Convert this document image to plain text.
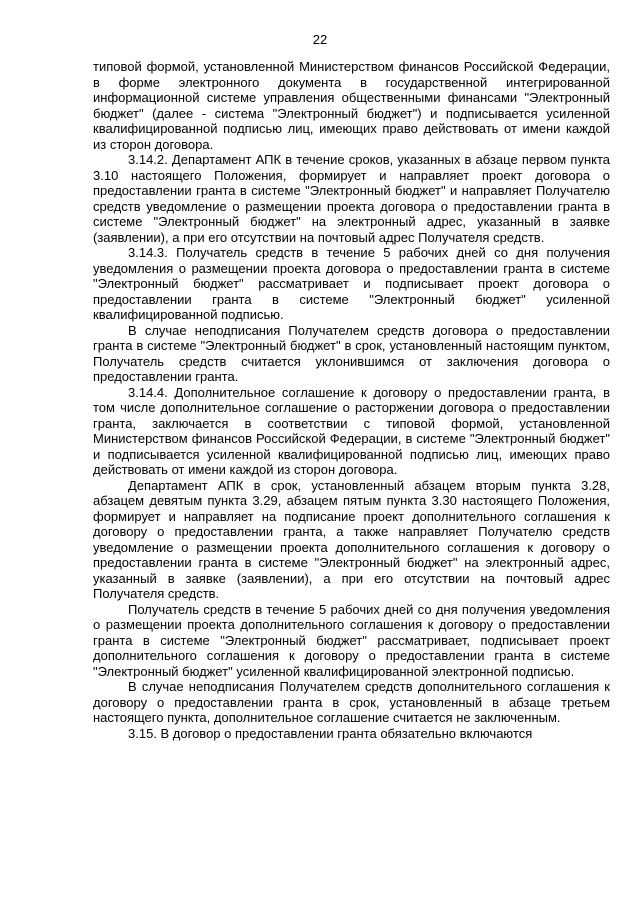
22

типовой формой, установленной Министерством финансов Российской Федерации, в форме электронного документа в государственной интегрированной информационной системе управления общественными финансами "Электронный бюджет" (далее - система "Электронный бюджет") и подписывается усиленной квалифицированной подписью лиц, имеющих право действовать от имени каждой из сторон договора.

3.14.2. Департамент АПК в течение сроков, указанных в абзаце первом пункта 3.10 настоящего Положения, формирует и направляет проект договора о предоставлении гранта в системе "Электронный бюджет" и направляет Получателю средств уведомление о размещении проекта договора о предоставлении гранта в системе "Электронный бюджет" на электронный адрес, указанный в заявке (заявлении), а при его отсутствии на почтовый адрес Получателя средств.

3.14.3. Получатель средств в течение 5 рабочих дней со дня получения уведомления о размещении проекта договора о предоставлении гранта в системе "Электронный бюджет" рассматривает и подписывает проект договора о предоставлении гранта в системе "Электронный бюджет" усиленной квалифицированной подписью.

В случае неподписания Получателем средств договора о предоставлении гранта в системе "Электронный бюджет" в срок, установленный настоящим пунктом, Получатель средств считается уклонившимся от заключения договора о предоставлении гранта.

3.14.4. Дополнительное соглашение к договору о предоставлении гранта, в том числе дополнительное соглашение о расторжении договора о предоставлении гранта, заключается в соответствии с типовой формой, установленной Министерством финансов Российской Федерации, в системе "Электронный бюджет" и подписывается усиленной квалифицированной подписью лиц, имеющих право действовать от имени каждой из сторон договора.

Департамент АПК в срок, установленный абзацем вторым пункта 3.28, абзацем девятым пункта 3.29, абзацем пятым пункта 3.30 настоящего Положения, формирует и направляет на подписание проект дополнительного соглашения к договору о предоставлении гранта, а также направляет Получателю средств уведомление о размещении проекта дополнительного соглашения к договору о предоставлении гранта в системе "Электронный бюджет" на электронный адрес, указанный в заявке (заявлении), а при его отсутствии на почтовый адрес Получателя средств.

Получатель средств в течение 5 рабочих дней со дня получения уведомления о размещении проекта дополнительного соглашения к договору о предоставлении гранта в системе "Электронный бюджет" рассматривает, подписывает проект дополнительного соглашения к договору о предоставлении гранта в системе "Электронный бюджет" усиленной квалифицированной электронной подписью.

В случае неподписания Получателем средств дополнительного соглашения к договору о предоставлении гранта в срок, установленный в абзаце третьем настоящего пункта, дополнительное соглашение считается не заключенным.

3.15. В договор о предоставлении гранта обязательно включаются
